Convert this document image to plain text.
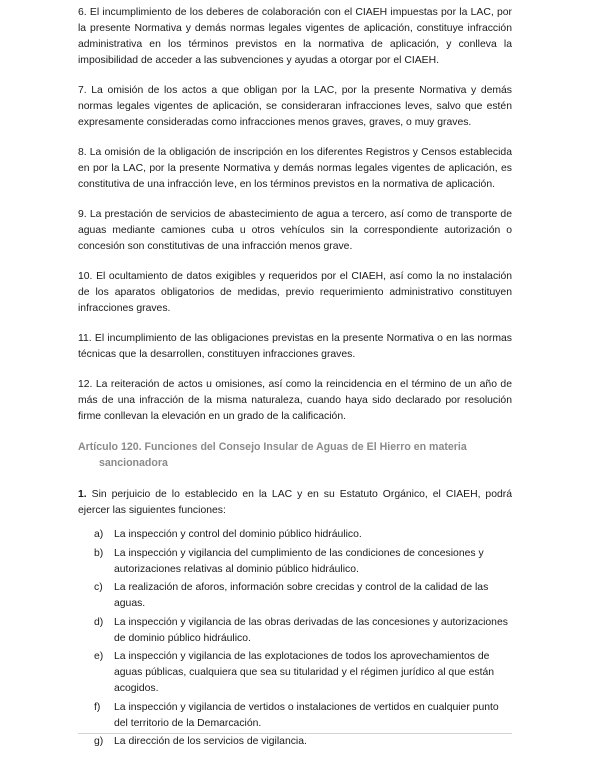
6. El incumplimiento de los deberes de colaboración con el CIAEH impuestas por la LAC, por la presente Normativa y demás normas legales vigentes de aplicación, constituye infracción administrativa en los términos previstos en la normativa de aplicación, y conlleva la imposibilidad de acceder a las subvenciones y ayudas a otorgar por el CIAEH.

7. La omisión de los actos a que obligan por la LAC, por la presente Normativa y demás normas legales vigentes de aplicación, se consideraran infracciones leves, salvo que estén expresamente consideradas como infracciones menos graves, graves, o muy graves.

8. La omisión de la obligación de inscripción en los diferentes Registros y Censos establecida en por la LAC, por la presente Normativa y demás normas legales vigentes de aplicación, es constitutiva de una infracción leve, en los términos previstos en la normativa de aplicación.

9. La prestación de servicios de abastecimiento de agua a tercero, así como de transporte de aguas mediante camiones cuba u otros vehículos sin la correspondiente autorización o concesión son constitutivas de una infracción menos grave.

10. El ocultamiento de datos exigibles y requeridos por el CIAEH, así como la no instalación de los aparatos obligatorios de medidas, previo requerimiento administrativo constituyen infracciones graves.

11. El incumplimiento de las obligaciones previstas en la presente Normativa o en las normas técnicas que la desarrollen, constituyen infracciones graves.

12. La reiteración de actos u omisiones, así como la reincidencia en el término de un año de más de una infracción de la misma naturaleza, cuando haya sido declarado por resolución firme conllevan la elevación en un grado de la calificación.

Artículo 120. Funciones del Consejo Insular de Aguas de El Hierro en materia
sancionadora

1. Sin perjuicio de lo establecido en la LAC y en su Estatuto Orgánico, el CIAEH, podrá ejercer las siguientes funciones:

a)	La inspección y control del dominio público hidráulico.
b)	La inspección y vigilancia del cumplimiento de las condiciones de concesiones y autorizaciones relativas al dominio público hidráulico.
c)	La realización de aforos, información sobre crecidas y control de la calidad de las aguas.
d)	La inspección y vigilancia de las obras derivadas de las concesiones y autorizaciones de dominio público hidráulico.
e)	La inspección y vigilancia de las explotaciones de todos los aprovechamientos de aguas públicas, cualquiera que sea su titularidad y el régimen jurídico al que están acogidos.
f)	La inspección y vigilancia de vertidos o instalaciones de vertidos en cualquier punto del territorio de la Demarcación.
g)	La dirección de los servicios de vigilancia.
